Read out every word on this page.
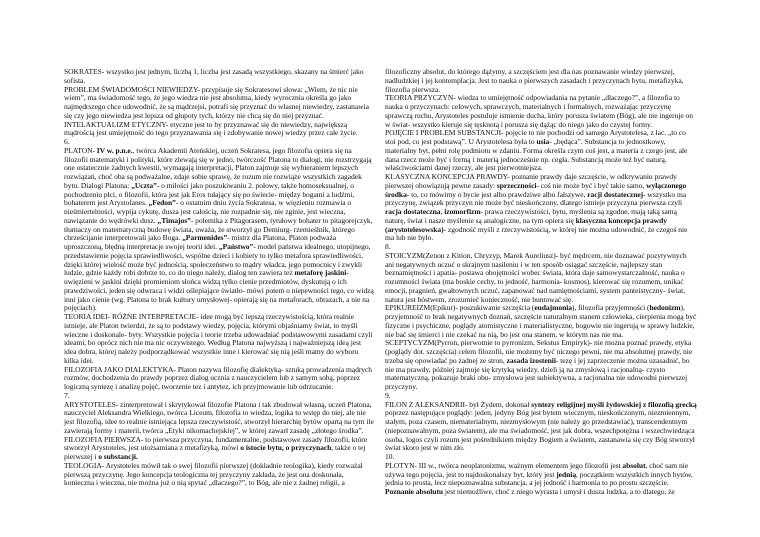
SOKRATES- wszystko jest jednym, liczbą 1, liczba jest zasadą wszystkiego, skazany na śmierć jako sofista.

PROBLEM ŚWIADOMOŚCI NIEWIEDZY- przypisuje się Sokratesowi słowa: „Wiem, że nic nie wiem”, ma świadomość tego, że jego wiedza nie jest absolutna, kiedy wyrocznia określa go jako najmędrszego chce udowodnić, że są mądrzejsi, potrafi się przyznać do własnej niewiedzy, zastanawia się czy jego niewiedza jest lepsza od głupoty tych, którzy nie chcą się do niej przyznać.

INTELAKTUALIZM ETYCZNY- etyczne jest to by przyznawać się do niewiedzy, największą mądrością jest umiejętność do tego przyznawania się i zdobywanie nowej wiedzy przez całe życie.

6.

PLATON- IV w. p.n.e., twórca Akademii Ateńskiej, uczeń Sokratesa, jego filozofia opiera się na filozofii matematyki i polityki, które zlewają się w jedno, twórczość Platona to dialogi, nie rozstrzygają one ostatecznie żadnych kwestii, wymagają interpretacji, Platon zajmuje się wybieraniem lepszych rozwiązań, choć oba są podważalne, zdaje sobie sprawę, że rozum nie rozwiąże wszystkich zagadek bytu. Dialogi Platona: „Uczta”- o miłości jako poszukiwaniu 2. połowy, także homoseksualnej, o pochodzeniu płci, o filozofii, która jest jak Eros tułający się po świecie- między bogami a ludźmi, bohaterem jest Arystofanes. „Fedon”- o ostatnim dniu życia Sokratesa, w więzieniu rozmawia o nieśmiertelności, wypija cykutę, dusza jest całością, nie rozpadnie się, nie zginie, jest wieczna, nawiązanie do wędrówki dusz. „Timajos”- polemika z Pitagorasem, tytułowy bohater to pitagorejczyk, tłumaczy on matematyczną budowę świata, uważa, że stworzył go Demiurg- rzemieślnik, którego chrześcijanie interpretowali jako Boga. „Parmenides”- mistrz dla Platona, Platon podważa uproszczoną, błędną interpretacje swojej teorii idei. „Państwo”- model państwa idealnego, utopijnego, przedstawienie pojęcia sprawiedliwości, wspólne dzieci i kobiety to tylko metafora sprawiedliwości, dzięki której wielość może być jednością, społeczeństwo to mądry władca, jego pomocnicy i zwykli ludzie, gdzie każdy robi dobrze to, co do niego należy, dialog ten zawiera też metaforę jaskini- uwięzieni w jaskini dzięki promieniom słońca widzą tylko cienie przedmiotów, dyskutują o ich prawdziwości, jeden się odwraca i widzi oślepiające światło- mówi potem o niepewności tego, co widzą inni jako cienie (wg. Platona to brak kultury umysłowej- opierają się na metaforach, obrazach, a nie na pojęciach).

TEORIA IDEI- RÓŻNE INTERPRETACJE- idee mogą być lepszą rzeczywistością, która realnie istnieje, ale Platon twierdzi, że są to podstawy wiedzy, pojęcia, którymi objaśniamy świat, to myśli wieczne i doskonale- byty. Wszystkie pojęcia i teorie trzeba udowadniać podstawowymi zasadami czyli ideami, bo oprócz nich nie ma nic oczywistego. Według Platona najwyższą i najważniejszą ideą jest idea dobra, której należy podporządkować wszystkie inne i kierować się nią jeśli mamy do wyboru kilka idei.

FILOZOFIA JAKO DIALEKTYKA- Platon nazywa filozofię dialektyką- sztuką prowadzenia mądrych rozmów, dochodzenia do prawdy poprzez dialog ucznia z nauczycielem lub z samym sobą, poprzez logiczną syntezę i analizę pojęć, tworzenie tez i antytez, ich przyjmowanie lub odrzucanie.

7.

ARYSTOTELES- zinterpretował i skrytykował filozofie Platona i tak zbudował własną, uczeń Platona, nauczyciel Aleksandra Wielkiego, twórca Liceum, filozofia to wiedza, logika to wstęp do niej, ale nie jest filozofią, idee to realnie istniejąca lepsza rzeczywistość, stworzył hierarchię bytów opartą na tym ile zawierają formy i materii, twórca „Etyki nikomachejskiej”, w której zawarł zasadę „złotego środka”.

FILOZOFIA PIERWSZA- to pierwsza przyczyna, fundamentalne, podstawowe zasady filozofii, które stworzył Arystoteles, jest utożsamiana z metafizyką, mówi o istocie bytu, o przyczynach, także o tej pierwszej i o substancji.

TEOLOGIA- Arystoteles mówił tak o swej filozofii pierwszej (dokładnie teologika), kiedy rozważał pierwszą przyczynę. Jego koncepcja teologiczna tej przyczyny zakłada, że jest ona doskonała, konieczna i wieczna, nie można już o nią spytać „dlaczego?”, to Bóg, ale nie z żadnej religii, a

filozoficzny absolut, do którego dążymy, a szczęściem jest dla nas poznawanie wiedzy pierwszej, nadludzkiej i jej kontemplacja. Jest to nauka o pierwszych zasadach i przyczynach bytu, metafizyka, filozofia pierwsza.

TEORIA PRZYCZYN- wiedza to umiejętność odpowiadania na pytanie „dlaczego?”, a filozofia to nauka o przyczynach: celowych, sprawczych, materialnych i formalnych, rozważając przyczynę sprawczą ruchu, Arystoteles postuluje istnienie ducha, który porusza światem (Bóg), ale nie ingeruje on w świat- wszystko kieruje się tęsknotą i porusza się dążąc do niego jako do czystej formy.

POJĘCIE I PROBLEM SUBSTANCJI- pojęcie to nie pochodzi od samego Arystotelesa, z łac. „to co stoi pod, co jest podstawą”. U Arystotelesa była to usia- „będąca”. Substancja to jednostkowy, materialny byt, pełni rolę podmiotu w zdaniu. Forma określa czym coś jest, a materia z czego jest, ale dana rzecz może być i formą i materią jednocześnie np. cegła. Substancją może też być naturą, właściwościami danej rzeczy, ale jest pierwotniejsza.

KLASYCZNA KONCEPCJA PRAWDY- poznanie prawdy daje szczęście, w odkrywaniu prawdy pierwszej obowiązują pewne zasady: sprzeczności- coś nie może być i być takie samo, wyłączonego środka- to, co mówimy o bycie jest albo prawdziwe albo fałszywe, racji dostatecznej- wszystko ma przyczynę, związek przyczyn nie może być nieskończony, dlatego istnieje przyczyna pierwsza czyli racja dostateczna, izomorfizm- prawa rzeczywistości, bytu, myślenia są zgodne, mają taką samą naturę, świat i nasze myślenie są analogiczne, na tym opiera się klasyczna koncepcja prawdy (arystotelesowska)- zgodność myśli z rzeczywistością, w której nie można udowodnić, że czegoś nie ma lub nie było.

8.

STOICYZM(Zenon z Kition, Chryzyp, Marek Aureliusz)- być mędrcem, nie doznawać pozytywnych ani negatywnych uczuć o skrajnym nasileniu i w ten sposób osiągać szczęście, najlepszy stan beznamiętności i apatia- postawa obojętności wobec świata, która daje samowystarczalność, nauka o rozumności świata (ma boskie cechy, to jedność, harmonia- kosmos), kierować się rozumem, unikać emocji, pragnień, gwałtownych uczuć, zapanować nad namiętnościami, system panteistyczny- świat, natura jest bóstwem, zrozumieć konieczność, nie buntować się.

EPIKUREIZM(Epikur)- poszukiwanie szczęścia (eudajmonia), filozofia przyjemności (hedonizm), przyjemność to brak negatywnych doznań, szczęście naturalnym stanem człowieka, cierpienia mogą być fizyczne i psychiczne, poglądy atomistyczne i materialistyczne, bogowie nie ingerują w sprawy ludzkie, nie bać się śmierci i nie czekać na nią, bo jest ona stanem, w którym nas nie ma.

SCEPTYCYZM(Pyrron, pierwotnie to pyrronizm, Sekstus Empiryk)- nie można poznać prawdy, etyka (poglądy dot. szczęścia) celem filozofii, nie możemy być niczego pewni, nie ma absolutnej prawdy, nie trzeba się opowiadać po żadnej ze stron, zasada izostenii- tezę i jej zaprzeczenie można uzasadnić, bo nie ma prawdy, później zajmuje się krytyką wiedzy, dzieli ją na zmysłową i racjonalną- czysto matematyczną, pokazuje braki obu- zmysłowa jest subiektywna, a racjonalna nie udowodni pierwszej przyczyny.

9.

FILON Z ALEKSANDRII- był Żydem, dokonał syntezy religijnej myśli żydowskiej z filozofią grecką poprzez następujące poglądy: jeden, jedyny Bóg jest bytem wiecznym, nieskończonym, niezmiennym, stałym, poza czasem, niematerialnym, niezmysłowym (nie należy go przedstawiać), transcendentnym (niepoznawalnym, poza światem), ale ma świadomość, jest jak dobra, wszechpotężna i wszechwiedząca osoba, logos czyli rozum jest pośrednikiem między Bogiem a światem, zastanawia się czy Bóg stworzył świat skoro jest w nim zło.

10.

PLOTYN- III w., twórca neoplatonizmu, ważnym elementem jego filozofii jest absolut, choć sam nie używa tego pojęcia, jest to najdoskonalszy byt, który jest jednią, początkiem wszystkich innych bytów, jednia to prosta, lecz niepoznawalna substancja, a jej jedność i harmonia to po prostu szczęście. Poznanie absolutu jest niemożliwe, choć z niego wyrasta i umysł i dusza ludzka, a to dlatego, że
